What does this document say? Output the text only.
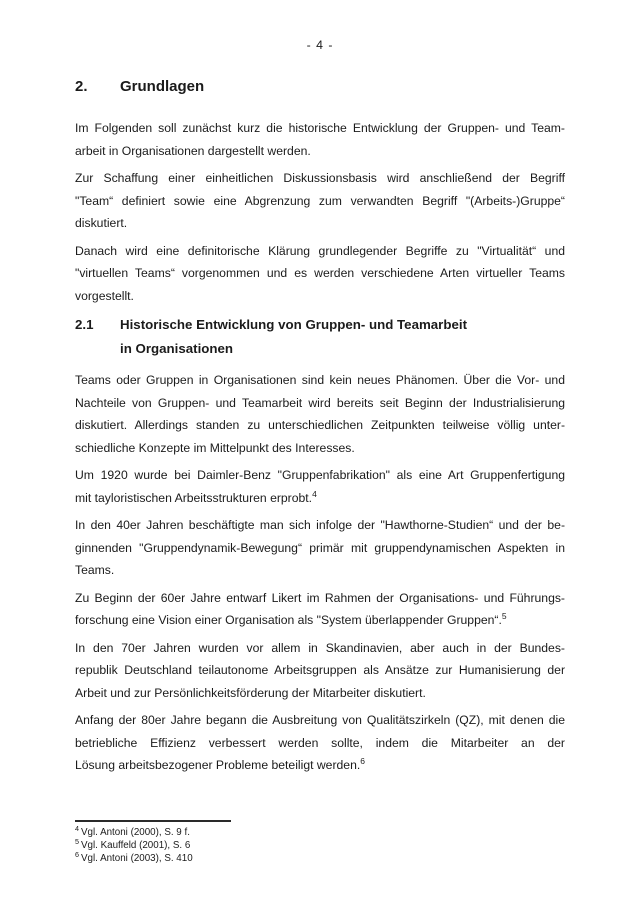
- 4 -
2.	Grundlagen
Im Folgenden soll zunächst kurz die historische Entwicklung der Gruppen- und Team-
arbeit in Organisationen dargestellt werden.
Zur Schaffung einer einheitlichen Diskussionsbasis wird anschließend der Begriff
"Team“ definiert sowie eine Abgrenzung zum verwandten Begriff "(Arbeits-)Gruppe“
diskutiert.
Danach wird eine definitorische Klärung grundlegender Begriffe zu "Virtualität“ und
"virtuellen Teams“ vorgenommen und es werden verschiedene Arten virtueller Teams
vorgestellt.
2.1	Historische Entwicklung von Gruppen- und Teamarbeit
in Organisationen
Teams oder Gruppen in Organisationen sind kein neues Phänomen. Über die Vor- und
Nachteile von Gruppen- und Teamarbeit wird bereits seit Beginn der Industrialisierung
diskutiert. Allerdings standen zu unterschiedlichen Zeitpunkten teilweise völlig unter-
schiedliche Konzepte im Mittelpunkt des Interesses.
Um 1920 wurde bei Daimler-Benz "Gruppenfabrikation" als eine Art Gruppenfertigung
mit tayloristischen Arbeitsstrukturen erprobt.$^4$
In den 40er Jahren beschäftigte man sich infolge der "Hawthorne-Studien“ und der be-
ginnenden "Gruppendynamik-Bewegung“ primär mit gruppendynamischen Aspekten in
Teams.
Zu Beginn der 60er Jahre entwarf Likert im Rahmen der Organisations- und Führungs-
forschung eine Vision einer Organisation als "System überlappender Gruppen“.$^5$
In den 70er Jahren wurden vor allem in Skandinavien, aber auch in der Bundes-
republik Deutschland teilautonome Arbeitsgruppen als Ansätze zur Humanisierung der
Arbeit und zur Persönlichkeitsförderung der Mitarbeiter diskutiert.
Anfang der 80er Jahre begann die Ausbreitung von Qualitätszirkeln (QZ), mit denen die
betriebliche Effizienz verbessert werden sollte, indem die Mitarbeiter an der
Lösung arbeitsbezogener Probleme beteiligt werden.$^6$
$^4$ Vgl. Antoni (2000), S. 9 f.
$^5$ Vgl. Kauffeld (2001), S. 6
$^6$ Vgl. Antoni (2003), S. 410
